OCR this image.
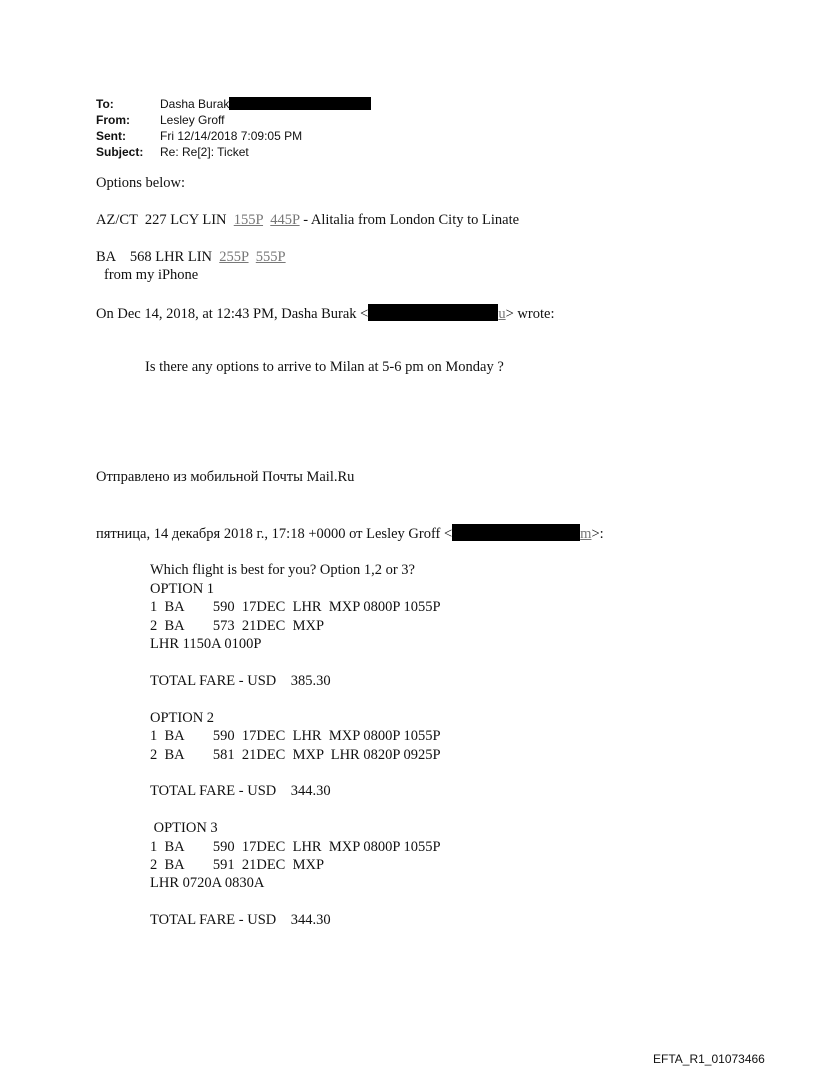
To:	Dasha Burak
From:	Lesley Groff
Sent:	Fri 12/14/2018 7:09:05 PM
Subject: Re: Re[2]: Ticket
Options below:
AZ/CT  227 LCY LIN  155P 445P - Alitalia from London City to Linate
BA    568 LHR LIN  255P 555P
from my iPhone
On Dec 14, 2018, at 12:43 PM, Dasha Burak <	u> wrote:
Is there any options to arrive to Milan at 5-6 pm on Monday ?
Отправлено из мобильной Почты Mail.Ru
пятница, 14 декабря 2018 г., 17:18 +0000 от Lesley Groff <	m>:
Which flight is best for you? Option 1,2 or 3?
OPTION 1
1  BA        590  17DEC  LHR  MXP 0800P 1055P
2  BA        573  21DEC  MXP
LHR 1150A 0100P
TOTAL FARE - USD    385.30
OPTION 2
1  BA        590  17DEC  LHR  MXP 0800P 1055P
2  BA        581  21DEC  MXP  LHR 0820P 0925P
TOTAL FARE - USD    344.30
OPTION 3
1  BA        590  17DEC  LHR  MXP 0800P 1055P
2  BA        591  21DEC  MXP
LHR 0720A 0830A
TOTAL FARE - USD    344.30
EFTA_R1_01073466
